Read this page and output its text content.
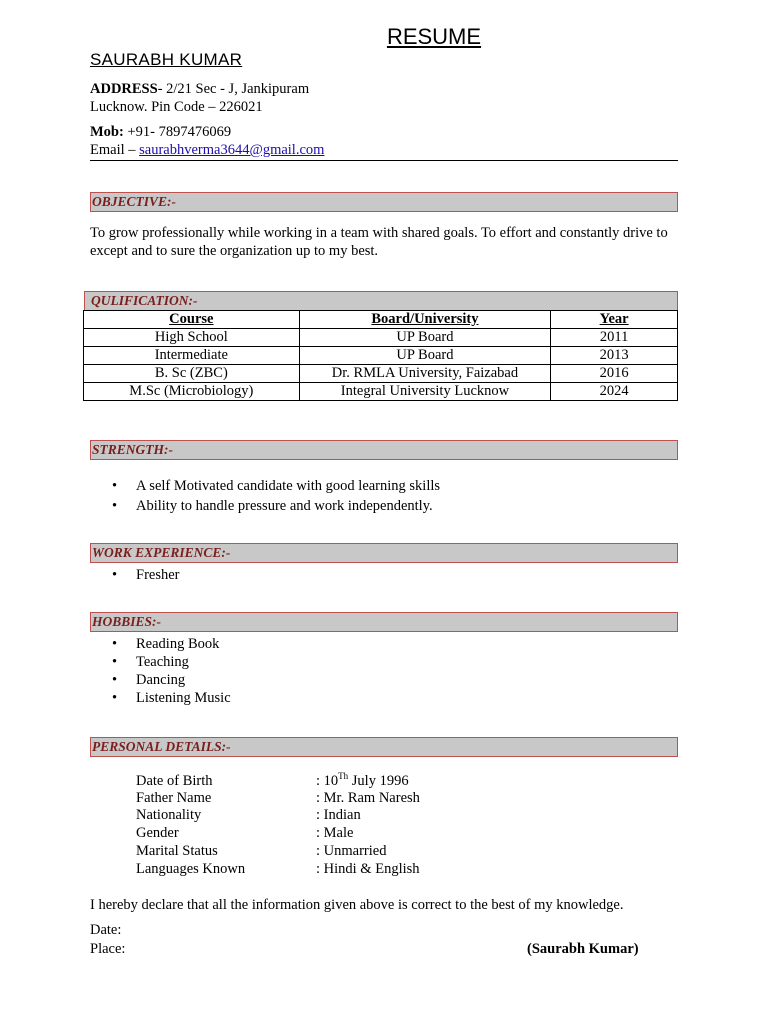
RESUME
SAURABH KUMAR
ADDRESS- 2/21 Sec - J, Jankipuram
Lucknow. Pin Code – 226021
Mob: +91- 7897476069
Email – saurabhverma3644@gmail.com
OBJECTIVE:-
To grow professionally while working in a team with shared goals. To effort and constantly drive to except and to sure the organization up to my best.
QULIFICATION:-
Course	Board/University	Year
High School	UP Board	2011
Intermediate	UP Board	2013
B. Sc (ZBC)	Dr. RMLA University, Faizabad	2016
M.Sc (Microbiology)	Integral University Lucknow	2024
STRENGTH:-
• A self Motivated candidate with good learning skills
• Ability to handle pressure and work independently.
WORK EXPERIENCE:-
• Fresher
HOBBIES:-
• Reading Book
• Teaching
• Dancing
• Listening Music
PERSONAL DETAILS:-
Date of Birth	: 10Th July 1996
Father Name	: Mr. Ram Naresh
Nationality	: Indian
Gender	: Male
Marital Status	: Unmarried
Languages Known	: Hindi & English
I hereby declare that all the information given above is correct to the best of my knowledge.
Date:
Place:	(Saurabh Kumar)
